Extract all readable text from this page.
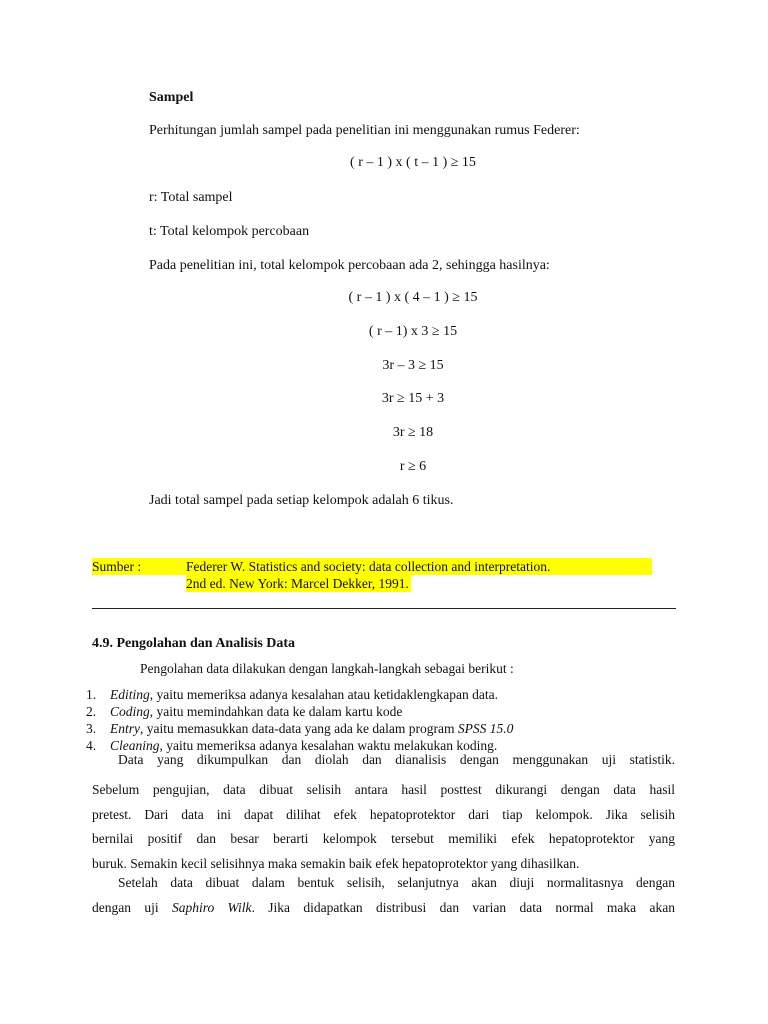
Sampel
Perhitungan jumlah sampel pada penelitian ini menggunakan rumus Federer:
( r – 1 ) x ( t – 1 ) ≥ 15
r: Total sampel
t: Total kelompok percobaan
Pada penelitian ini, total kelompok percobaan ada 2, sehingga hasilnya:
( r – 1 ) x ( 4 – 1 ) ≥ 15
( r – 1) x 3 ≥ 15
3r – 3 ≥ 15
3r ≥ 15 + 3
3r ≥ 18
r ≥ 6
Jadi total sampel pada setiap kelompok adalah 6 tikus.
Sumber :	Federer W. Statistics and society: data collection and interpretation.
2nd ed. New York: Marcel Dekker, 1991.
4.9. Pengolahan dan Analisis Data
Pengolahan data dilakukan dengan langkah-langkah sebagai berikut :
1. Editing, yaitu memeriksa adanya kesalahan atau ketidaklengkapan data.
2. Coding, yaitu memindahkan data ke dalam kartu kode
3. Entry, yaitu memasukkan data-data yang ada ke dalam program SPSS 15.0
4. Cleaning, yaitu memeriksa adanya kesalahan waktu melakukan koding.
Data yang dikumpulkan dan diolah dan dianalisis dengan menggunakan uji statistik.
Sebelum pengujian, data dibuat selisih antara hasil posttest dikurangi dengan data hasil
pretest. Dari data ini dapat dilihat efek hepatoprotektor dari tiap kelompok. Jika selisih
bernilai positif dan besar berarti kelompok tersebut memiliki efek hepatoprotektor yang
buruk. Semakin kecil selisihnya maka semakin baik efek hepatoprotektor yang dihasilkan.
Setelah data dibuat dalam bentuk selisih, selanjutnya akan diuji normalitasnya dengan
dengan uji Saphiro Wilk. Jika didapatkan distribusi dan varian data normal maka akan
